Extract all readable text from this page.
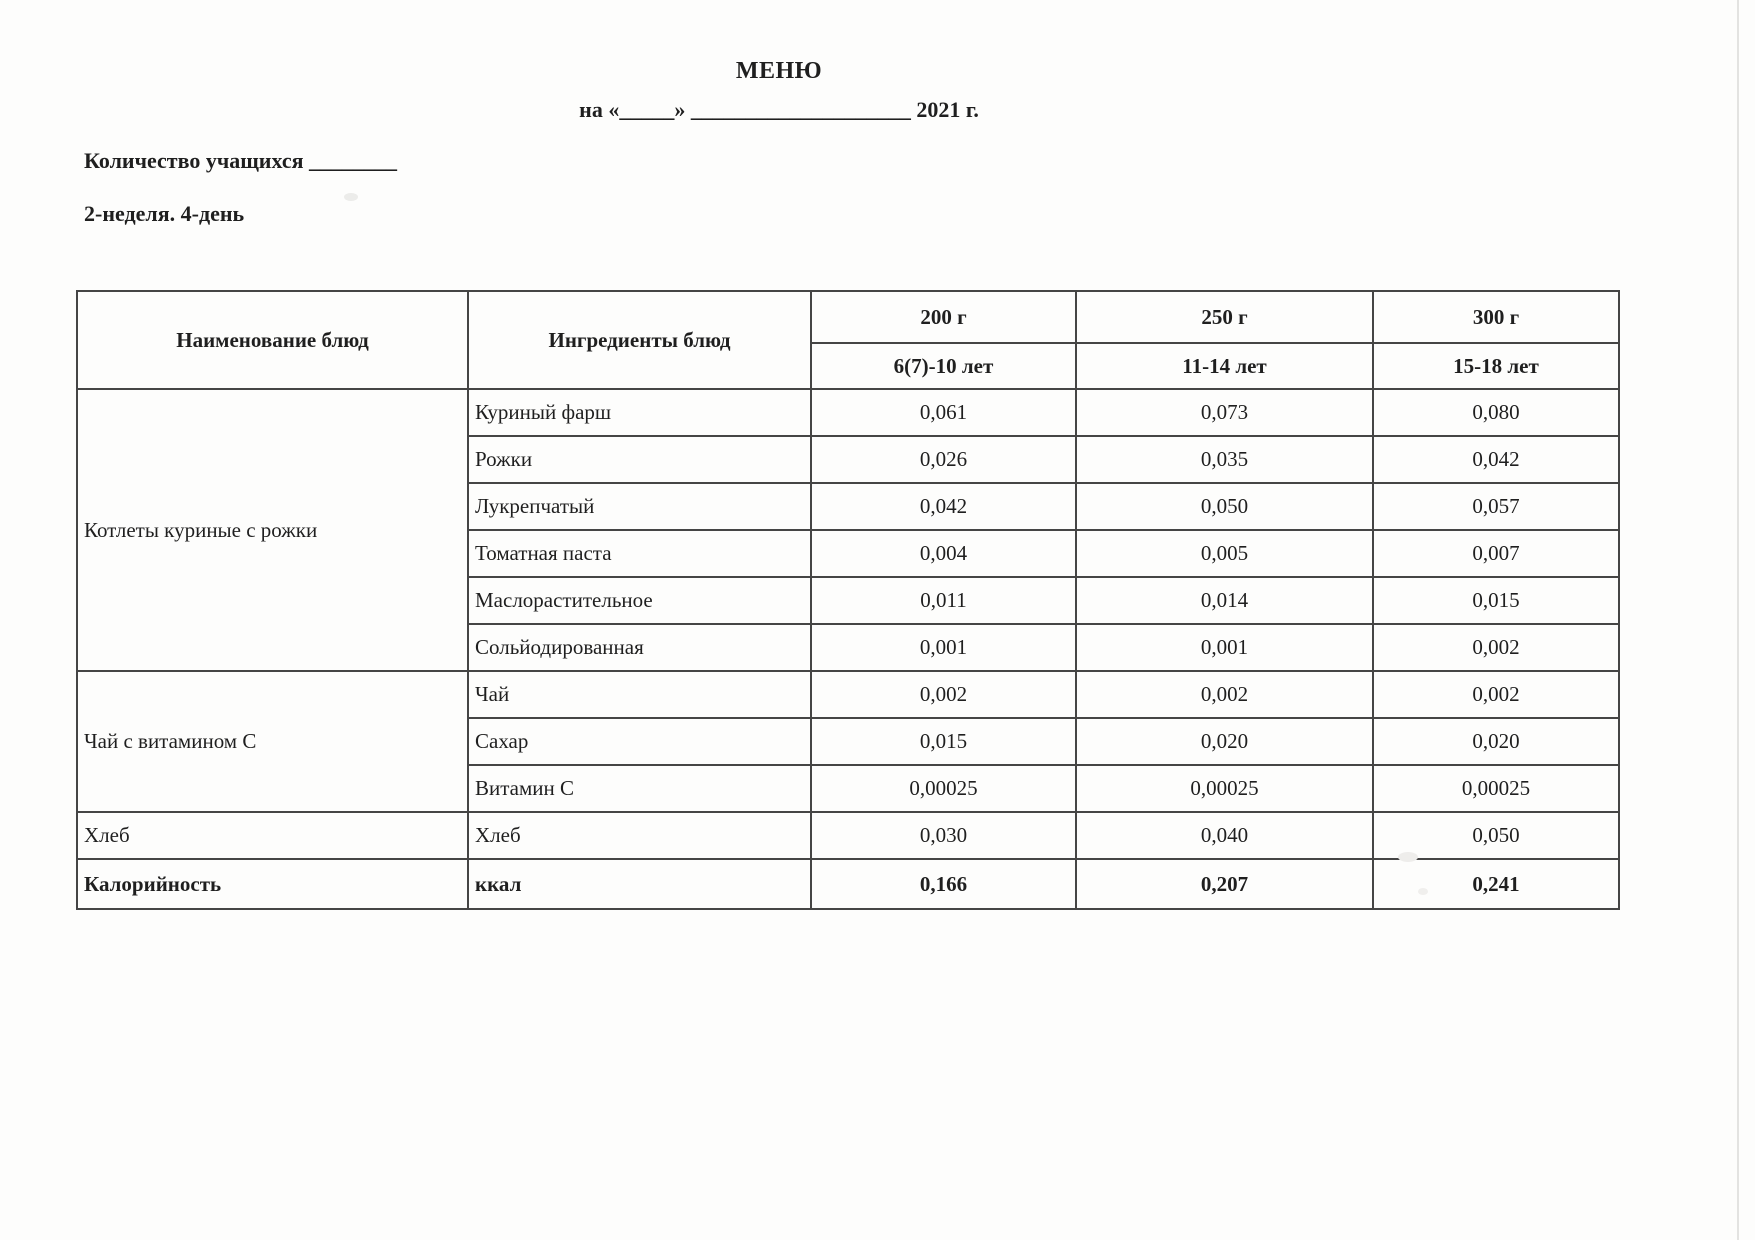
МЕНЮ
на «_____» ____________________ 2021 г.
Количество учащихся ________
2-неделя. 4-день
Наименование блюд	Ингредиенты блюд	200 г	250 г	300 г
		6(7)-10 лет	11-14 лет	15-18 лет
Котлеты куриные с рожки	Куриный фарш	0,061	0,073	0,080
	Рожки	0,026	0,035	0,042
	Лукрепчатый	0,042	0,050	0,057
	Томатная паста	0,004	0,005	0,007
	Маслорастительное	0,011	0,014	0,015
	Сольйодированная	0,001	0,001	0,002
Чай с витамином С	Чай	0,002	0,002	0,002
	Сахар	0,015	0,020	0,020
	Витамин С	0,00025	0,00025	0,00025
Хлеб	Хлеб	0,030	0,040	0,050
Калорийность	ккал	0,166	0,207	0,241
